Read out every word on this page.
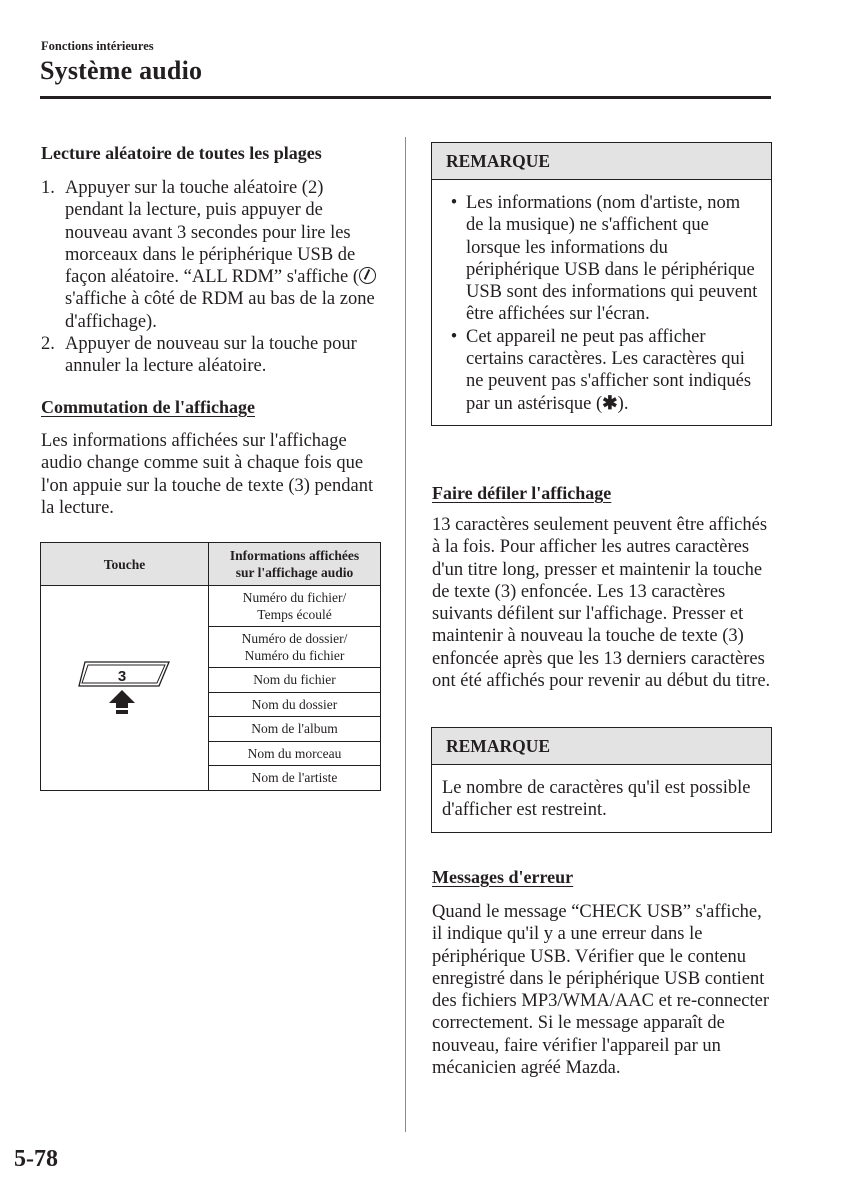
Fonctions intérieures
Système audio
Lecture aléatoire de toutes les plages
1. Appuyer sur la touche aléatoire (2) pendant la lecture, puis appuyer de nouveau avant 3 secondes pour lire les morceaux dans le périphérique USB de façon aléatoire. “ALL RDM” s'affiche ( s'affiche à côté de RDM au bas de la zone d'affichage).
2. Appuyer de nouveau sur la touche pour annuler la lecture aléatoire.
Commutation de l'affichage
Les informations affichées sur l'affichage audio change comme suit à chaque fois que l'on appuie sur la touche de texte (3) pendant la lecture.
Touche	Informations affichées
sur l'affichage audio

3	Numéro du fichier/
Temps écoulé
	Numéro de dossier/
Numéro du fichier
	Nom du fichier
	Nom du dossier
	Nom de l'album
	Nom du morceau
	Nom de l'artiste
REMARQUE
• Les informations (nom d'artiste, nom de la musique) ne s'affichent que lorsque les informations du périphérique USB dans le périphérique USB sont des informations qui peuvent être affichées sur l'écran.
• Cet appareil ne peut pas afficher certains caractères. Les caractères qui ne peuvent pas s'afficher sont indiqués par un astérisque (✱).
Faire défiler l'affichage
13 caractères seulement peuvent être affichés à la fois. Pour afficher les autres caractères d'un titre long, presser et maintenir la touche de texte (3) enfoncée. Les 13 caractères suivants défilent sur l'affichage. Presser et maintenir à nouveau la touche de texte (3) enfoncée après que les 13 derniers caractères ont été affichés pour revenir au début du titre.
REMARQUE
Le nombre de caractères qu'il est possible d'afficher est restreint.
Messages d'erreur
Quand le message “CHECK USB” s'affiche, il indique qu'il y a une erreur dans le périphérique USB. Vérifier que le contenu enregistré dans le périphérique USB contient des fichiers MP3/WMA/AAC et re-connecter correctement. Si le message apparaît de nouveau, faire vérifier l'appareil par un mécanicien agréé Mazda.
5-78
